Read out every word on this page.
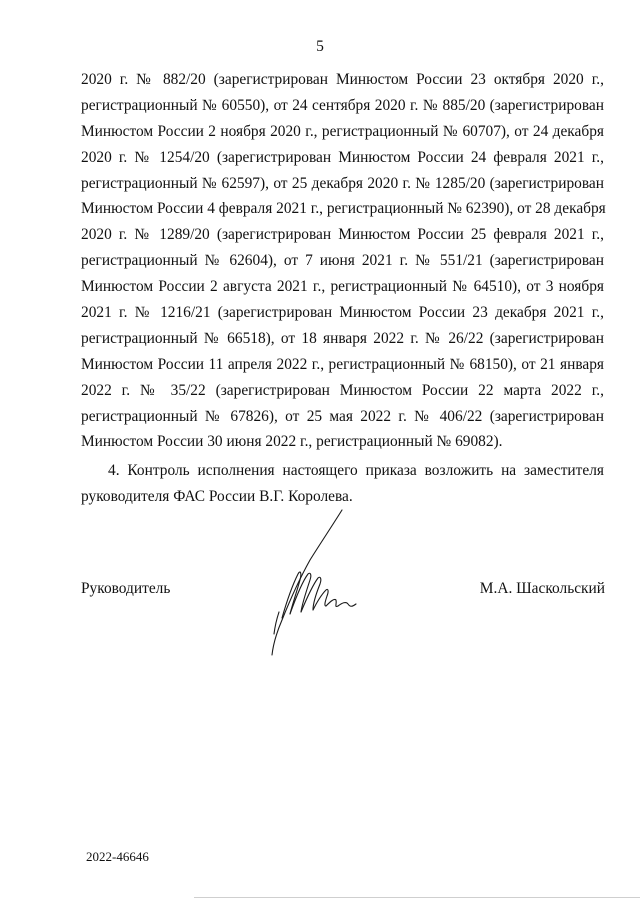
5
2020 г. № 882/20 (зарегистрирован Минюстом России 23 октября 2020 г.,
регистрационный № 60550), от 24 сентября 2020 г. № 885/20 (зарегистрирован
Минюстом России 2 ноября 2020 г., регистрационный № 60707), от 24 декабря
2020 г. № 1254/20 (зарегистрирован Минюстом России 24 февраля 2021 г.,
регистрационный № 62597), от 25 декабря 2020 г. № 1285/20 (зарегистрирован
Минюстом России 4 февраля 2021 г., регистрационный № 62390), от 28 декабря
2020 г. № 1289/20 (зарегистрирован Минюстом России 25 февраля 2021 г.,
регистрационный № 62604), от 7 июня 2021 г. № 551/21 (зарегистрирован
Минюстом России 2 августа 2021 г., регистрационный № 64510), от 3 ноября
2021 г. № 1216/21 (зарегистрирован Минюстом России 23 декабря 2021 г.,
регистрационный № 66518), от 18 января 2022 г. № 26/22 (зарегистрирован
Минюстом России 11 апреля 2022 г., регистрационный № 68150), от 21 января
2022 г. № 35/22 (зарегистрирован Минюстом России 22 марта 2022 г.,
регистрационный № 67826), от 25 мая 2022 г. № 406/22 (зарегистрирован
Минюстом России 30 июня 2022 г., регистрационный № 69082).
4. Контроль исполнения настоящего приказа возложить на заместителя
руководителя ФАС России В.Г. Королева.
Руководитель	М.А. Шаскольский
2022-46646
